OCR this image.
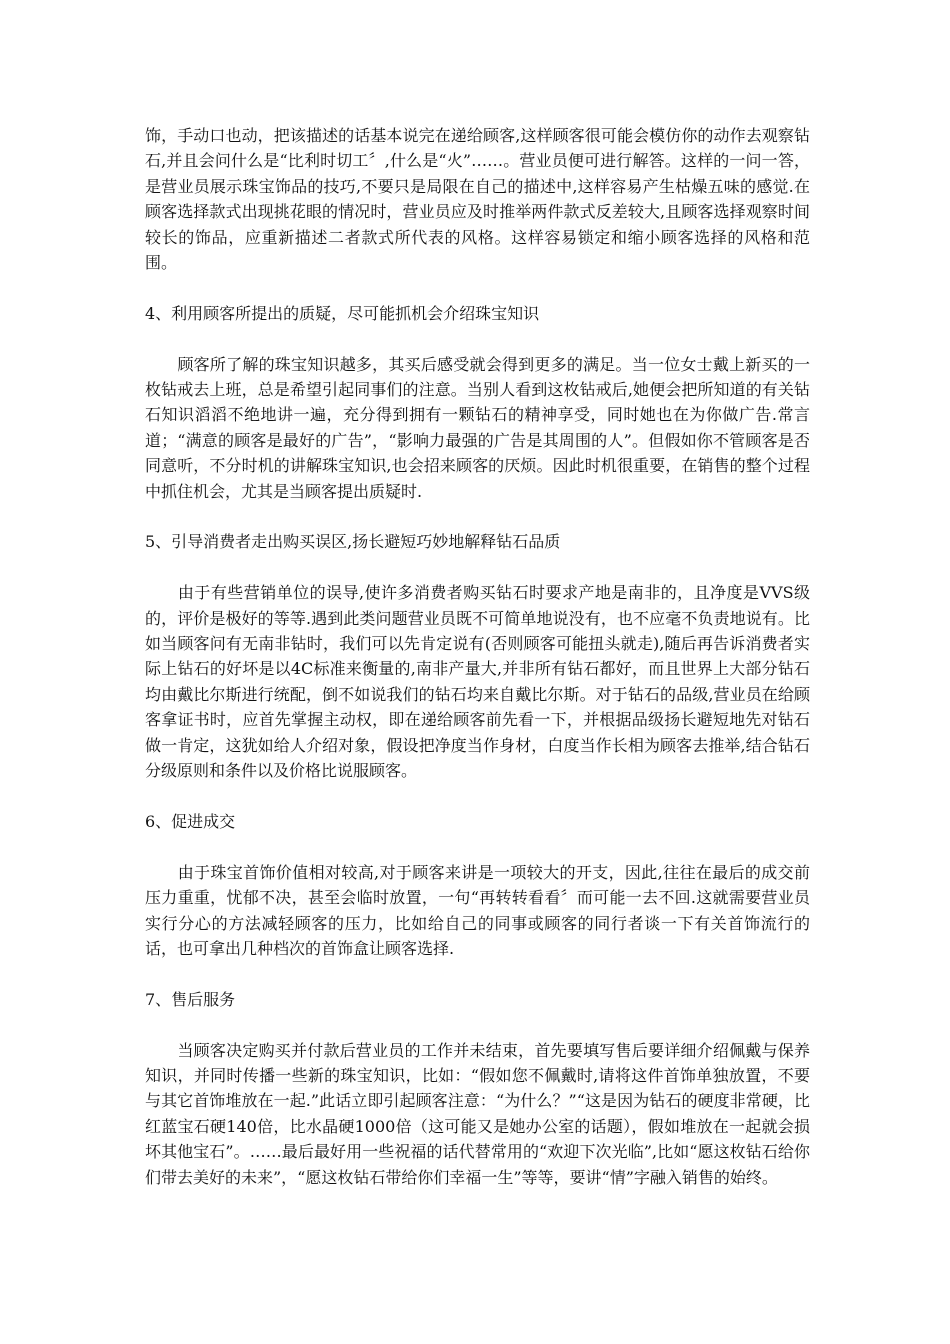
饰，手动口也动，把该描述的话基本说完在递给顾客,这样顾客很可能会模仿你的动作去观察钻石,并且会问什么是“比利时切工〞,什么是“火”……。营业员便可进行解答。这样的一问一答，是营业员展示珠宝饰品的技巧,不要只是局限在自己的描述中,这样容易产生枯燥五味的感觉.在顾客选择款式出现挑花眼的情况时，营业员应及时推举两件款式反差较大,且顾客选择观察时间较长的饰品，应重新描述二者款式所代表的风格。这样容易锁定和缩小顾客选择的风格和范围。

4、利用顾客所提出的质疑，尽可能抓机会介绍珠宝知识

　　顾客所了解的珠宝知识越多，其买后感受就会得到更多的满足。当一位女士戴上新买的一枚钻戒去上班，总是希望引起同事们的注意。当别人看到这枚钻戒后,她便会把所知道的有关钻石知识滔滔不绝地讲一遍，充分得到拥有一颗钻石的精神享受，同时她也在为你做广告.常言道；“满意的顾客是最好的广告”，“影响力最强的广告是其周围的人”。但假如你不管顾客是否同意听，不分时机的讲解珠宝知识,也会招来顾客的厌烦。因此时机很重要，在销售的整个过程中抓住机会，尤其是当顾客提出质疑时.

5、引导消费者走出购买误区,扬长避短巧妙地解释钻石品质

　　由于有些营销单位的误导,使许多消费者购买钻石时要求产地是南非的，且净度是VVS级的，评价是极好的等等.遇到此类问题营业员既不可简单地说没有，也不应毫不负责地说有。比如当顾客问有无南非钻时，我们可以先肯定说有(否则顾客可能扭头就走),随后再告诉消费者实际上钻石的好坏是以4C标准来衡量的,南非产量大,并非所有钻石都好，而且世界上大部分钻石均由戴比尔斯进行统配，倒不如说我们的钻石均来自戴比尔斯。对于钻石的品级,营业员在给顾客拿证书时，应首先掌握主动权，即在递给顾客前先看一下，并根据品级扬长避短地先对钻石做一肯定，这犹如给人介绍对象，假设把净度当作身材，白度当作长相为顾客去推举,结合钻石分级原则和条件以及价格比说服顾客。

6、促进成交

　　由于珠宝首饰价值相对较高,对于顾客来讲是一项较大的开支，因此,往往在最后的成交前压力重重，忧郁不决，甚至会临时放置，一句“再转转看看〞而可能一去不回.这就需要营业员实行分心的方法减轻顾客的压力，比如给自己的同事或顾客的同行者谈一下有关首饰流行的话，也可拿出几种档次的首饰盒让顾客选择.

7、售后服务

　　当顾客决定购买并付款后营业员的工作并未结束，首先要填写售后要详细介绍佩戴与保养知识，并同时传播一些新的珠宝知识，比如：“假如您不佩戴时,请将这件首饰单独放置，不要与其它首饰堆放在一起.”此话立即引起顾客注意：“为什么？”“这是因为钻石的硬度非常硬，比红蓝宝石硬140倍，比水晶硬1000倍（这可能又是她办公室的话题），假如堆放在一起就会损坏其他宝石”。……最后最好用一些祝福的话代替常用的“欢迎下次光临”,比如“愿这枚钻石给你们带去美好的未来”，“愿这枚钻石带给你们幸福一生”等等，要讲“情”字融入销售的始终。
